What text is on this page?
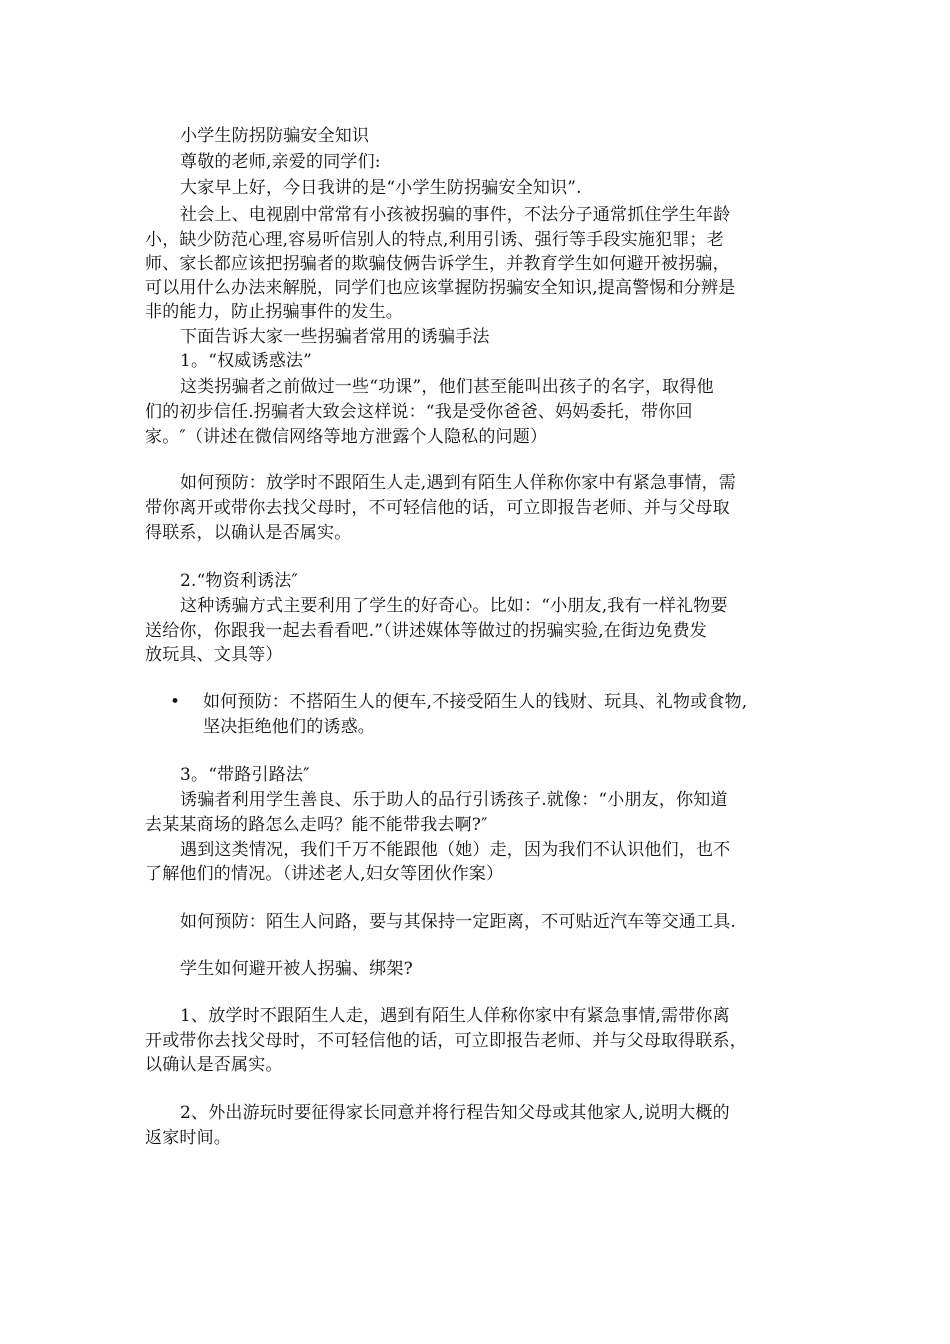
小学生防拐防骗安全知识
尊敬的老师,亲爱的同学们:
大家早上好，今日我讲的是“小学生防拐骗安全知识”.
社会上、电视剧中常常有小孩被拐骗的事件，不法分子通常抓住学生年龄
小，缺少防范心理,容易听信别人的特点,利用引诱、强行等手段实施犯罪；老
师、家长都应该把拐骗者的欺骗伎俩告诉学生，并教育学生如何避开被拐骗，
可以用什么办法来解脱，同学们也应该掌握防拐骗安全知识,提高警惕和分辨是
非的能力，防止拐骗事件的发生。
下面告诉大家一些拐骗者常用的诱骗手法
1。“权威诱惑法”
这类拐骗者之前做过一些“功课”，他们甚至能叫出孩子的名字，取得他
们的初步信任.拐骗者大致会这样说：“我是受你爸爸、妈妈委托，带你回
家。″（讲述在微信网络等地方泄露个人隐私的问题）
如何预防：放学时不跟陌生人走,遇到有陌生人佯称你家中有紧急事情，需
带你离开或带你去找父母时，不可轻信他的话，可立即报告老师、并与父母取
得联系，以确认是否属实。
2.“物资利诱法″
这种诱骗方式主要利用了学生的好奇心。比如：“小朋友,我有一样礼物要
送给你，你跟我一起去看看吧.”（讲述媒体等做过的拐骗实验,在街边免费发
放玩具、文具等）
• 如何预防：不搭陌生人的便车,不接受陌生人的钱财、玩具、礼物或食物,
坚决拒绝他们的诱惑。
3。“带路引路法″
诱骗者利用学生善良、乐于助人的品行引诱孩子.就像：“小朋友，你知道
去某某商场的路怎么走吗？能不能带我去啊?″
遇到这类情况，我们千万不能跟他（她）走，因为我们不认识他们，也不
了解他们的情况。（讲述老人,妇女等团伙作案）
如何预防：陌生人问路，要与其保持一定距离，不可贴近汽车等交通工具.
学生如何避开被人拐骗、绑架?
1、放学时不跟陌生人走，遇到有陌生人佯称你家中有紧急事情,需带你离
开或带你去找父母时，不可轻信他的话，可立即报告老师、并与父母取得联系，
以确认是否属实。
2、外出游玩时要征得家长同意并将行程告知父母或其他家人,说明大概的
返家时间。
